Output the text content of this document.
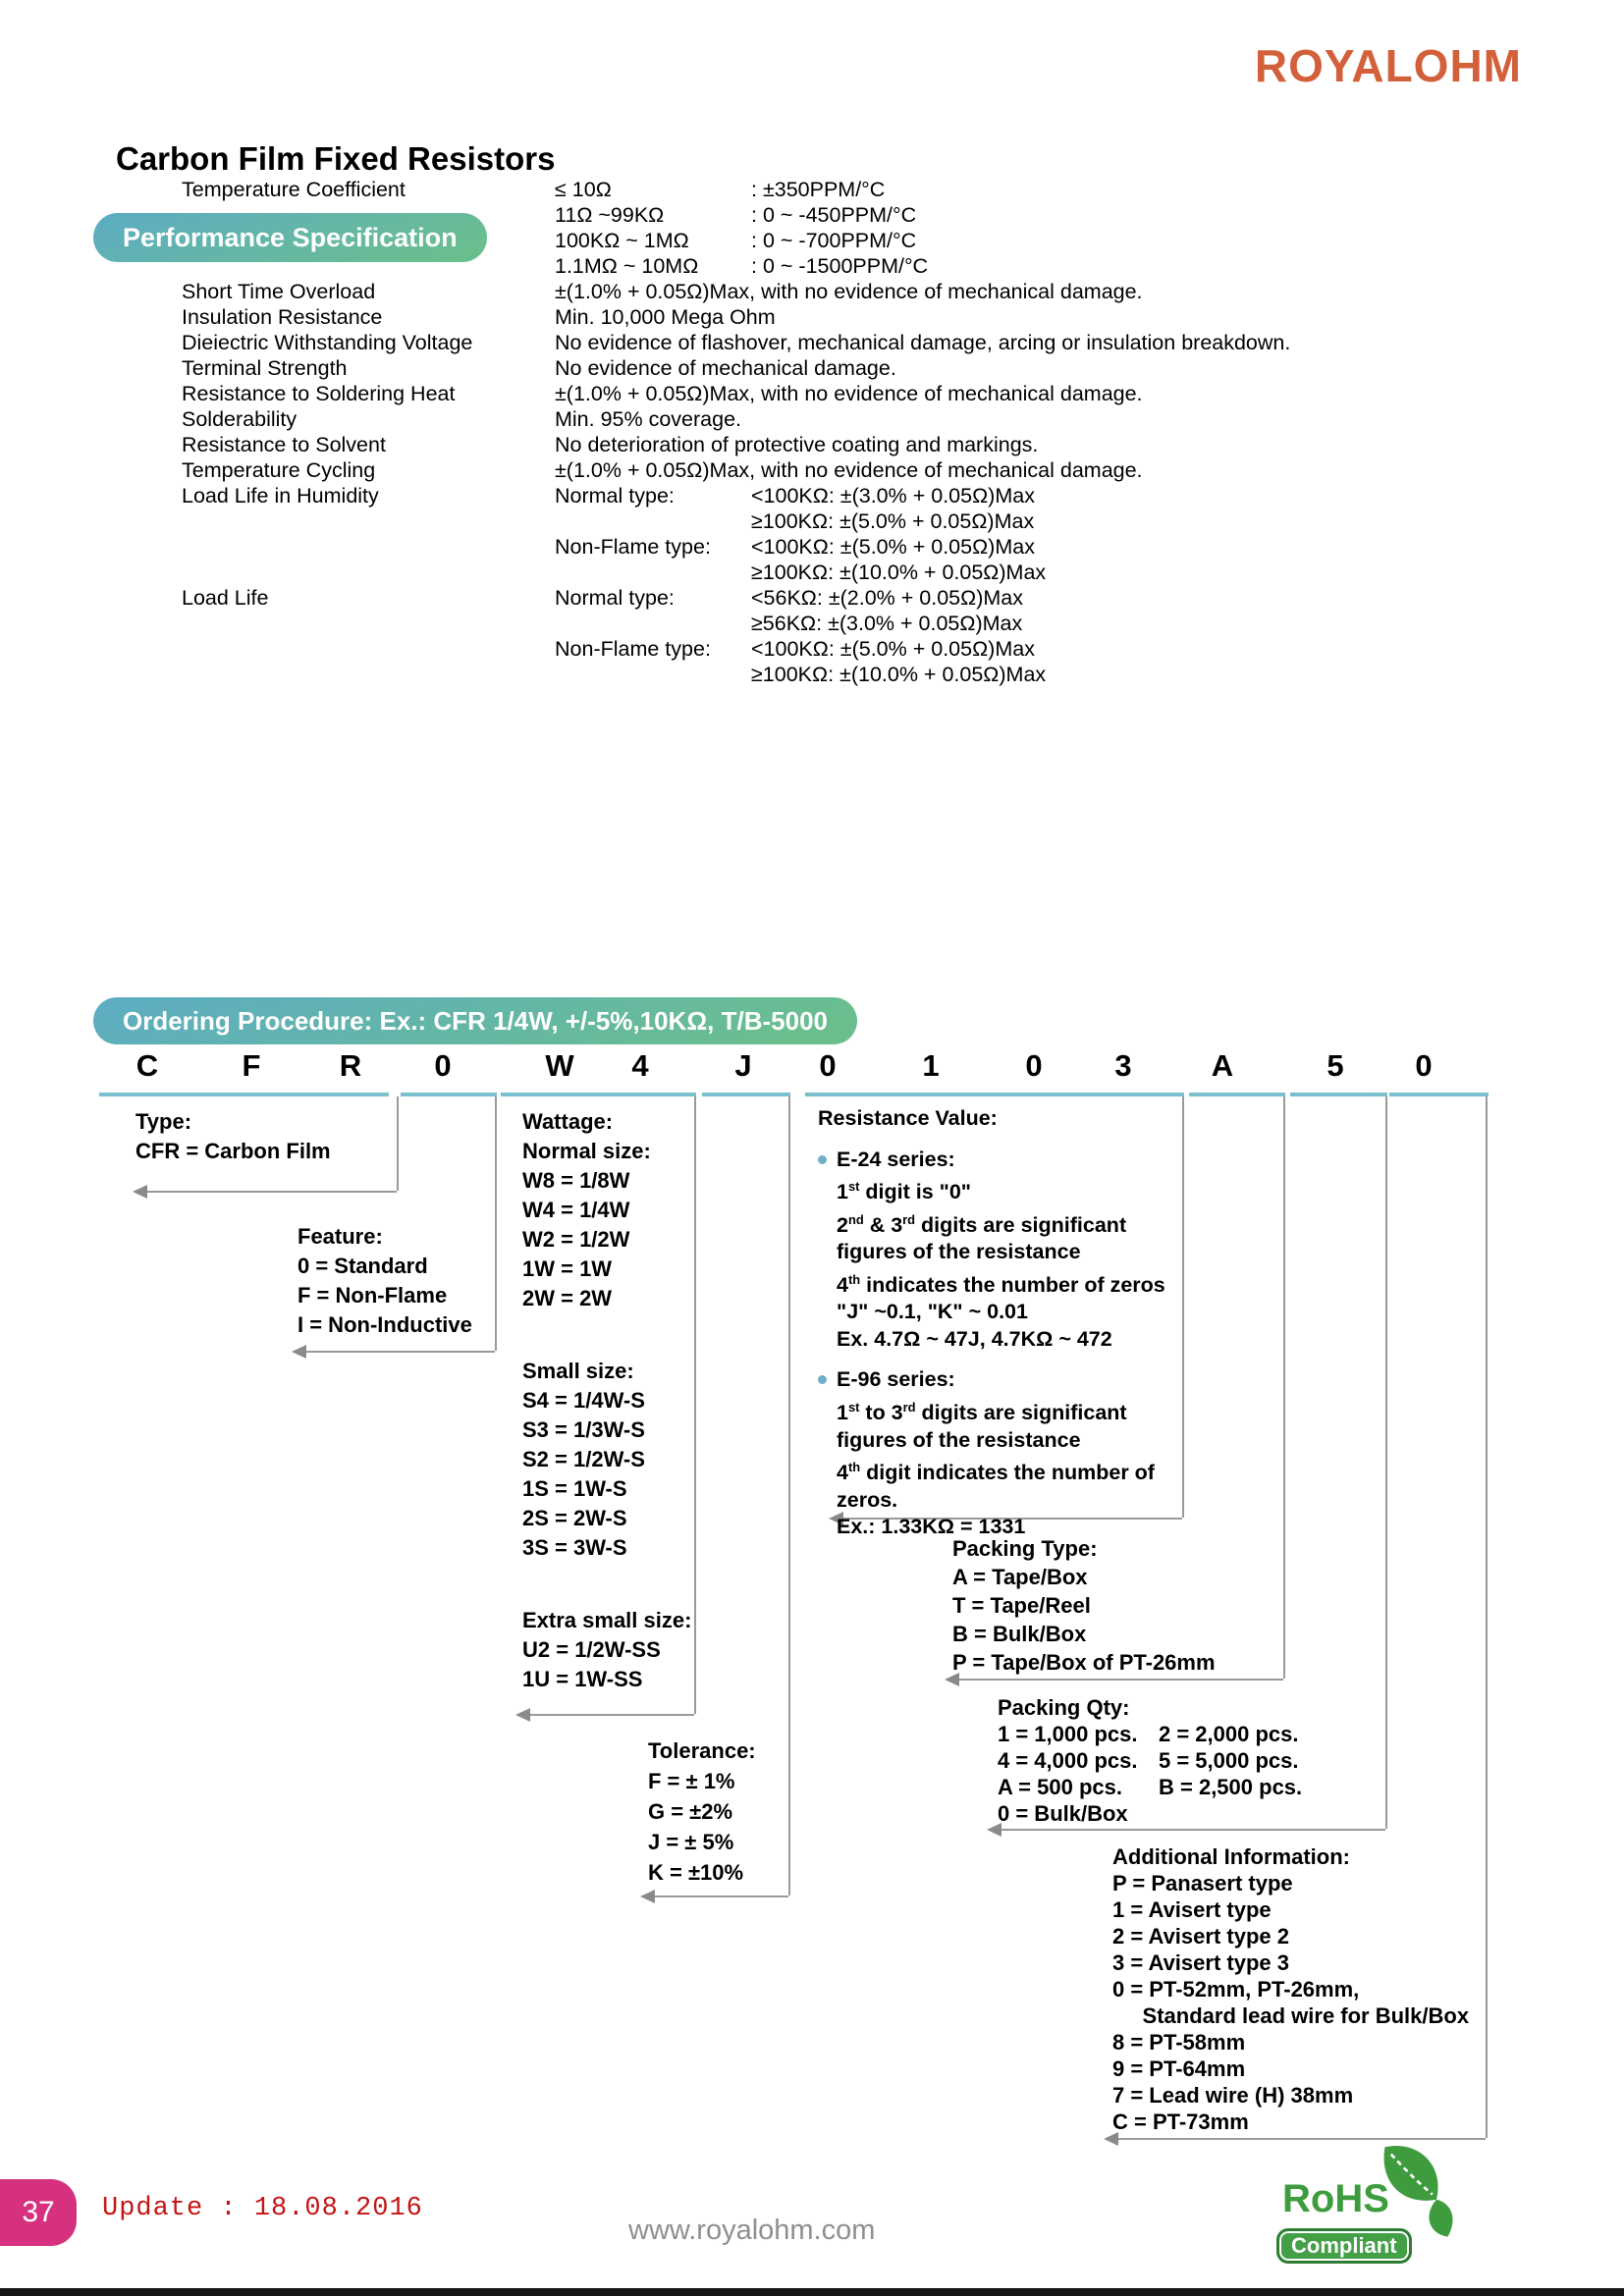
ROYALOHM
Carbon Film Fixed Resistors
Performance Specification
Temperature Coefficient	≤ 10Ω	: ±350PPM/°C
11Ω ~99KΩ	: 0 ~ -450PPM/°C
100KΩ ~ 1MΩ	: 0 ~ -700PPM/°C
1.1MΩ ~ 10MΩ	: 0 ~ -1500PPM/°C
Short Time Overload	±(1.0% + 0.05Ω)Max, with no evidence of mechanical damage.
Insulation Resistance	Min. 10,000 Mega Ohm
Dieiectric Withstanding Voltage	No evidence of flashover, mechanical damage, arcing or insulation breakdown.
Terminal Strength	No evidence of mechanical damage.
Resistance to Soldering Heat	±(1.0% + 0.05Ω)Max, with no evidence of mechanical damage.
Solderability	Min. 95% coverage.
Resistance to Solvent	No deterioration of protective coating and markings.
Temperature Cycling	±(1.0% + 0.05Ω)Max, with no evidence of mechanical damage.
Load Life in Humidity	Normal type:	<100KΩ: ±(3.0% + 0.05Ω)Max
≥100KΩ: ±(5.0% + 0.05Ω)Max
Non-Flame type:	<100KΩ: ±(5.0% + 0.05Ω)Max
≥100KΩ: ±(10.0% + 0.05Ω)Max
Load Life	Normal type:	<56KΩ: ±(2.0% + 0.05Ω)Max
≥56KΩ: ±(3.0% + 0.05Ω)Max
Non-Flame type:	<100KΩ: ±(5.0% + 0.05Ω)Max
≥100KΩ: ±(10.0% + 0.05Ω)Max
Ordering Procedure: Ex.: CFR 1/4W, +/-5%,10KΩ, T/B-5000
C	F	R 0	W 4	J 0	1	0 3	A	5 0
Type:
CFR = Carbon Film
Feature:
0 = Standard
F = Non-Flame
I = Non-Inductive
Wattage:
Normal size:
W8 = 1/8W
W4 = 1/4W
W2 = 1/2W
1W = 1W
2W = 2W
Small size:
S4 = 1/4W-S
S3 = 1/3W-S
S2 = 1/2W-S
1S = 1W-S
2S = 2W-S
3S = 3W-S
Extra small size:
U2 = 1/2W-SS
1U = 1W-SS
Tolerance:
F = ± 1%
G = ±2%
J = ± 5%
K = ±10%
Resistance Value:
E-24 series:
1st digit is "0"
2nd & 3rd digits are significant
figures of the resistance
4th indicates the number of zeros
"J" ~0.1, "K" ~ 0.01
Ex. 4.7Ω ~ 47J, 4.7KΩ ~ 472
E-96 series:
1st to 3rd digits are significant
figures of the resistance
4th digit indicates the number of
zeros.
Ex.: 1.33KΩ = 1331
Packing Type:
A = Tape/Box
T = Tape/Reel
B = Bulk/Box
P = Tape/Box of PT-26mm
Packing Qty:
1 = 1,000 pcs. 2 = 2,000 pcs.
4 = 4,000 pcs. 5 = 5,000 pcs.
A = 500 pcs.	B = 2,500 pcs.
0 = Bulk/Box
Additional Information:
P = Panasert type
1 = Avisert type
2 = Avisert type 2
3 = Avisert type 3
0 = PT-52mm, PT-26mm,
Standard lead wire for Bulk/Box
8 = PT-58mm
9 = PT-64mm
7 = Lead wire (H) 38mm
C = PT-73mm
37	Update : 18.08.2016
www.royalohm.com
RoHS
Compliant
